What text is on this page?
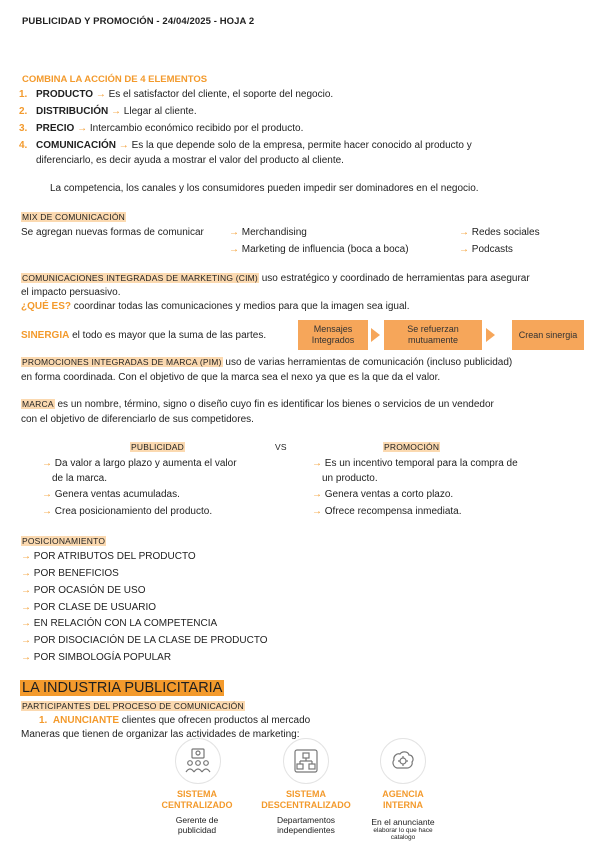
PUBLICIDAD Y PROMOCIÓN - 24/04/2025 - HOJA 2
COMBINA LA ACCIÓN DE 4 ELEMENTOS
1. PRODUCTO → Es el satisfactor del cliente, el soporte del negocio.
2. DISTRIBUCIÓN → Llegar al cliente.
3. PRECIO → Intercambio económico recibido por el producto.
4. COMUNICACIÓN → Es la que depende solo de la empresa, permite hacer conocido al producto y
diferenciarlo, es decir ayuda a mostrar el valor del producto al cliente.
La competencia, los canales y los consumidores pueden impedir ser dominadores en el negocio.
MIX DE COMUNICACIÓN
Se agregan nuevas formas de comunicar	→ Merchandising	→ Redes sociales
→ Marketing de influencia (boca a boca)	→ Podcasts
COMUNICACIONES INTEGRADAS DE MARKETING (CIM) uso estratégico y coordinado de herramientas para asegurar
el impacto persuasivo.
¿QUÉ ES? coordinar todas las comunicaciones y medios para que la imagen sea igual.
SINERGIA el todo es mayor que la suma de las partes.
Mensajes Integrados
Se refuerzan mutuamente
Crean sinergia
PROMOCIONES INTEGRADAS DE MARCA (PIM) uso de varias herramientas de comunicación (incluso publicidad)
en forma coordinada. Con el objetivo de que la marca sea el nexo ya que es la que da el valor.
MARCA es un nombre, término, signo o diseño cuyo fin es identificar los bienes o servicios de un vendedor
con el objetivo de diferenciarlo de sus competidores.
PUBLICIDAD	VS	PROMOCIÓN
→ Da valor a largo plazo y aumenta el valor
de la marca.
→ Genera ventas acumuladas.
→ Crea posicionamiento del producto.
→ Es un incentivo temporal para la compra de
un producto.
→ Genera ventas a corto plazo.
→ Ofrece recompensa inmediata.
POSICIONAMIENTO
→ POR ATRIBUTOS DEL PRODUCTO
→ POR BENEFICIOS
→ POR OCASIÓN DE USO
→ POR CLASE DE USUARIO
→ EN RELACIÓN CON LA COMPETENCIA
→ POR DISOCIACIÓN DE LA CLASE DE PRODUCTO
→ POR SIMBOLOGÍA POPULAR
LA INDUSTRIA PUBLICITARIA
PARTICIPANTES DEL PROCESO DE COMUNICACIÓN
1. ANUNCIANTE clientes que ofrecen productos al mercado
Maneras que tienen de organizar las actividades de marketing:
SISTEMA
CENTRALIZADO
Gerente de
publicidad
SISTEMA
DESCENTRALIZADO
Departamentos
independientes
AGENCIA
INTERNA
En el anunciante
elaborar lo que hace
catalogo
